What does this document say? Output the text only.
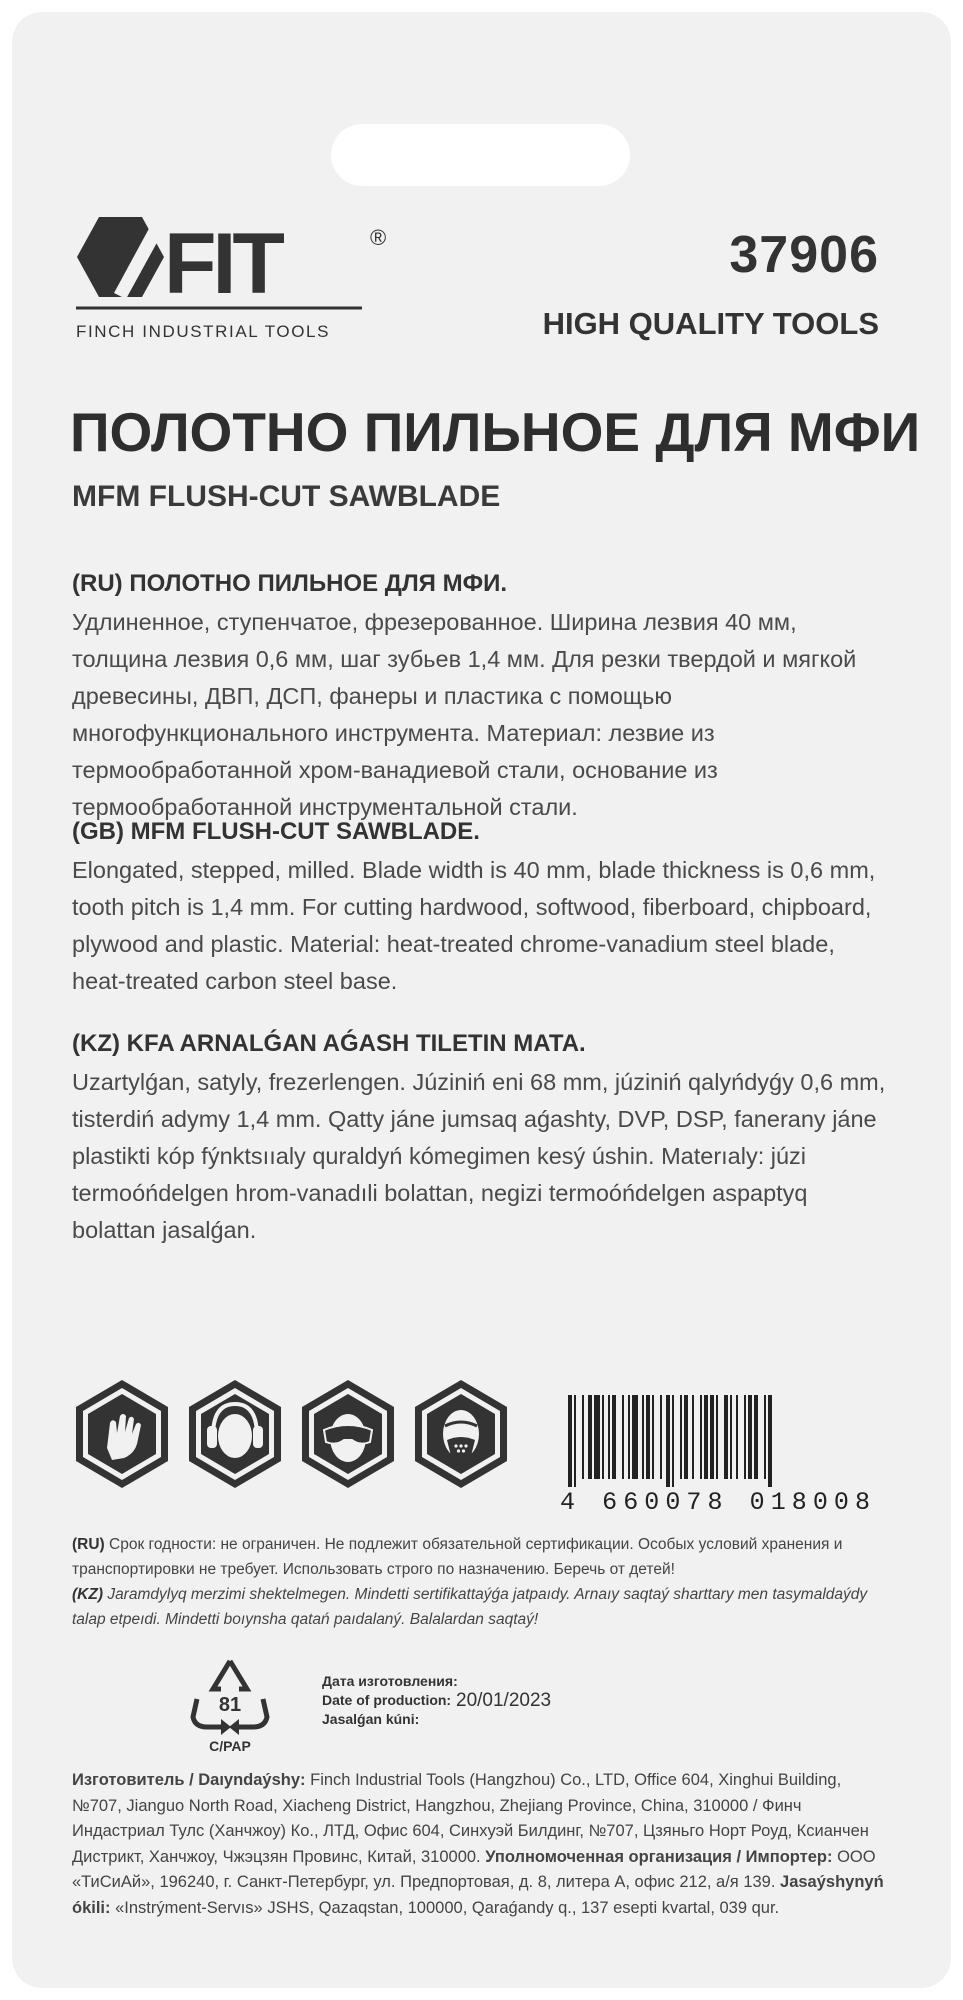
FIT	®
FINCH INDUSTRIAL TOOLS
37906
HIGH QUALITY TOOLS
ПОЛОТНО ПИЛЬНОЕ ДЛЯ МФИ
MFM FLUSH-CUT SAWBLADE
(RU) ПОЛОТНО ПИЛЬНОЕ ДЛЯ МФИ.

Удлиненное, ступенчатое, фрезерованное. Ширина лезвия 40 мм, толщина лезвия 0,6 мм, шаг зубьев 1,4 мм. Для резки твердой и мягкой древесины, ДВП, ДСП, фанеры и пластика с помощью многофункционального инструмента. Материал: лезвие из термообработанной хром-ванадиевой стали, основание из термообработанной инструментальной стали.

(GB) MFM FLUSH-CUT SAWBLADE.

Elongated, stepped, milled. Blade width is 40 mm, blade thickness is 0,6 mm, tooth pitch is 1,4 mm. For cutting hardwood, softwood, fiberboard, chipboard, plywood and plastic. Material: heat-treated chrome-vanadium steel blade, heat-treated carbon steel base.

(KZ) KFA ARNALǴAN AǴASH TІLETІN MATA.

Uzartylǵan, satyly, frezerlengen. Júzіnіń enі 68 mm, júzіnіń qalyńdyǵy 0,6 mm, tіsterdіń adymy 1,4 mm. Qatty jáne jumsaq aǵashty, DVP, DSP, faneranу jáne plastіktі kóp fýnktsııaly quraldyń kómegimen kesý úshіn. Materıaly: júzі termoóńdelgen hrom-vanadılі bolattan, negіzі termoóńdelgen aspaptyq bolattan jasalǵan.

4 660078 018008
(RU) Срок годности: не ограничен. Не подлежит обязательной сертификации. Особых условий хранения и транспортировки не требует. Использовать строго по назначению. Беречь от детей!
(KZ) Jaramdylyq merzimi shektelmegen. Mindetti sertifikattaýǵa jatpaıdy. Arnaıy saqtaý sharttary men tasymaldaýdy talap etpeıdі. Mindetti boıynsha qatań paıdalaný. Balalardan saqtaý!
81
C/PAP
Дата изготовления:
Date of production:
Jasalǵan kúnі:
20/01/2023
Изготовитель / Daıyndaýshy: Finch Industrial Tools (Hangzhou) Co., LTD, Office 604, Xinghui Building, №707, Jianguo North Road, Xiacheng District, Hangzhou, Zhejiang Province, China, 310000 / Финч Индастриал Тулс (Ханчжоу) Ко., ЛТД, Офис 604, Синхуэй Билдинг, №707, Цзяньго Норт Роуд, Ксианчен Дистрикт, Ханчжоу, Чжэцзян Провинс, Китай, 310000. Уполномоченная организация / Импортер: ООО «ТиСиАй», 196240, г. Санкт-Петербург, ул. Предпортовая, д. 8, литера А, офис 212, а/я 139. Jasaýshynyń ókіlі: «Instrýment-Servıs» JSHS, Qazaqstan, 100000, Qaraǵandy q., 137 esepti kvartal, 039 qur.
